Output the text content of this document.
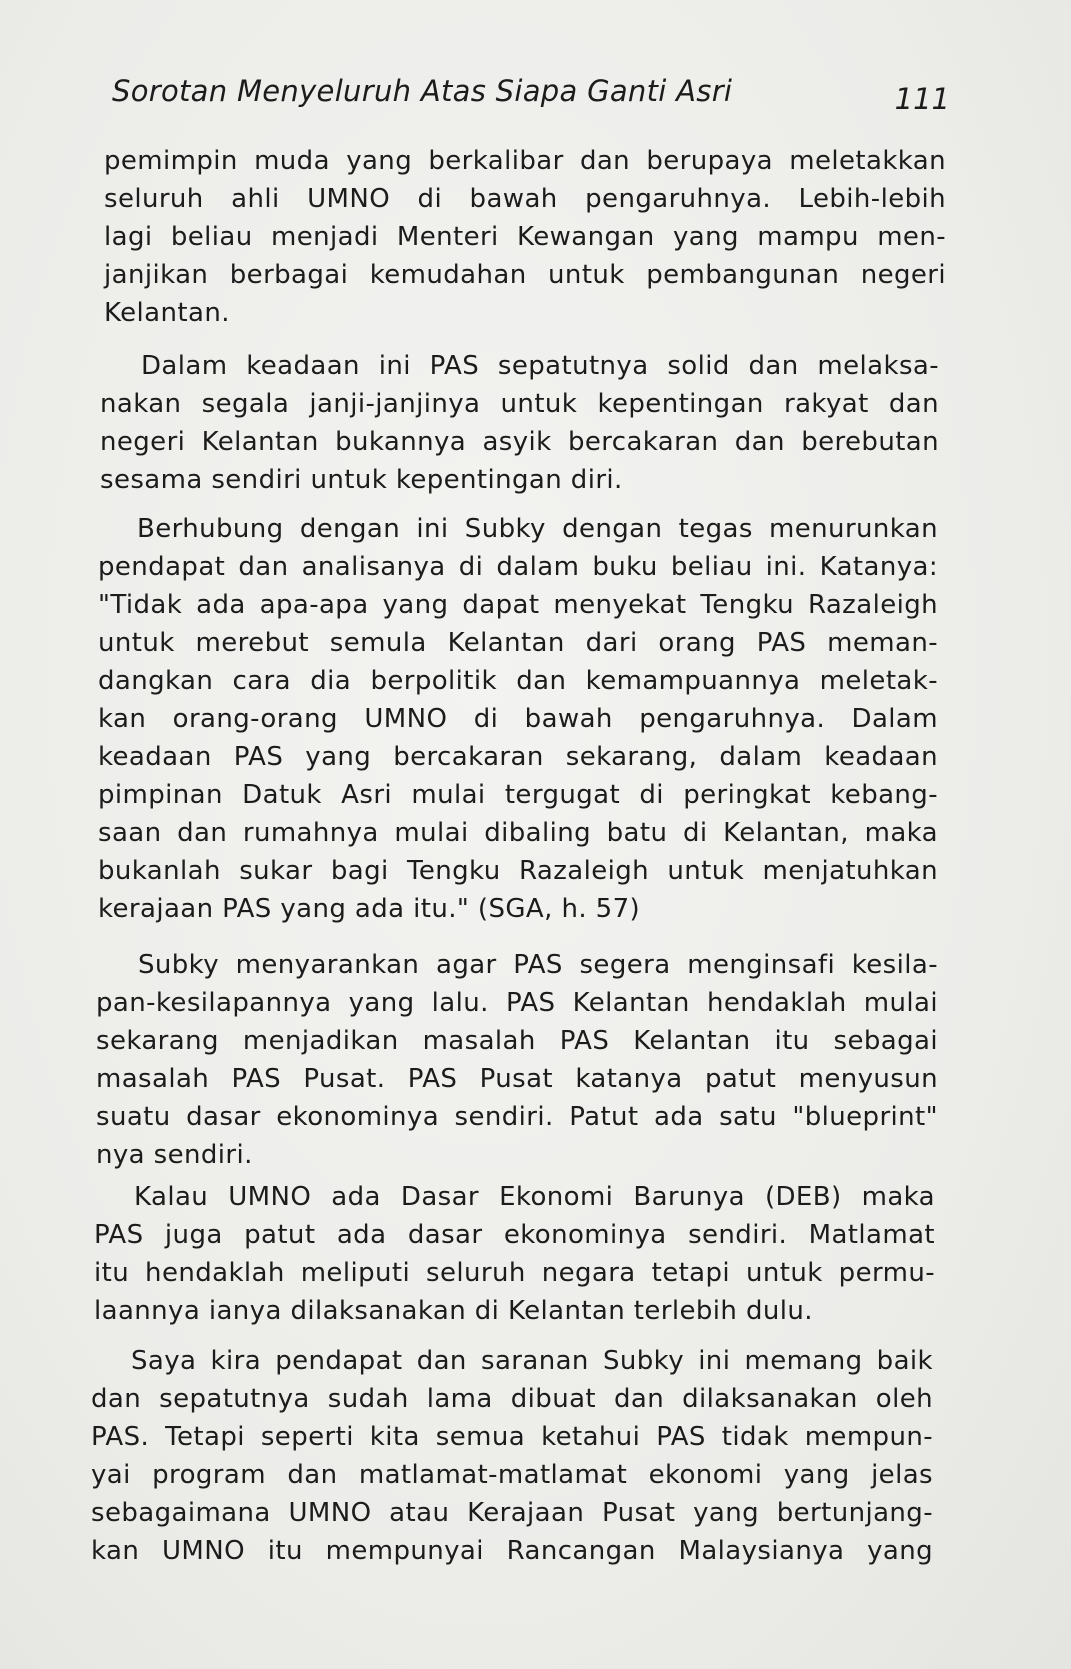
Sorotan Menyeluruh Atas Siapa Ganti Asri	111
pemimpin muda yang berkalibar dan berupaya meletakkan
seluruh ahli UMNO di bawah pengaruhnya. Lebih-lebih
lagi beliau menjadi Menteri Kewangan yang mampu men-
janjikan berbagai kemudahan untuk pembangunan negeri
Kelantan.
Dalam keadaan ini PAS sepatutnya solid dan melaksa-
nakan segala janji-janjinya untuk kepentingan rakyat dan
negeri Kelantan bukannya asyik bercakaran dan berebutan
sesama sendiri untuk kepentingan diri.
Berhubung dengan ini Subky dengan tegas menurunkan
pendapat dan analisanya di dalam buku beliau ini. Katanya:
"Tidak ada apa-apa yang dapat menyekat Tengku Razaleigh
untuk merebut semula Kelantan dari orang PAS meman-
dangkan cara dia berpolitik dan kemampuannya meletak-
kan orang-orang UMNO di bawah pengaruhnya. Dalam
keadaan PAS yang bercakaran sekarang, dalam keadaan
pimpinan Datuk Asri mulai tergugat di peringkat kebang-
saan dan rumahnya mulai dibaling batu di Kelantan, maka
bukanlah sukar bagi Tengku Razaleigh untuk menjatuhkan
kerajaan PAS yang ada itu." (SGA, h. 57)
Subky menyarankan agar PAS segera menginsafi kesila-
pan-kesilapannya yang lalu. PAS Kelantan hendaklah mulai
sekarang menjadikan masalah PAS Kelantan itu sebagai
masalah PAS Pusat. PAS Pusat katanya patut menyusun
suatu dasar ekonominya sendiri. Patut ada satu "blueprint"
nya sendiri.
Kalau UMNO ada Dasar Ekonomi Barunya (DEB) maka
PAS juga patut ada dasar ekonominya sendiri. Matlamat
itu hendaklah meliputi seluruh negara tetapi untuk permu-
laannya ianya dilaksanakan di Kelantan terlebih dulu.
Saya kira pendapat dan saranan Subky ini memang baik
dan sepatutnya sudah lama dibuat dan dilaksanakan oleh
PAS. Tetapi seperti kita semua ketahui PAS tidak mempun-
yai program dan matlamat-matlamat ekonomi yang jelas
sebagaimana UMNO atau Kerajaan Pusat yang bertunjang-
kan UMNO itu mempunyai Rancangan Malaysianya yang
